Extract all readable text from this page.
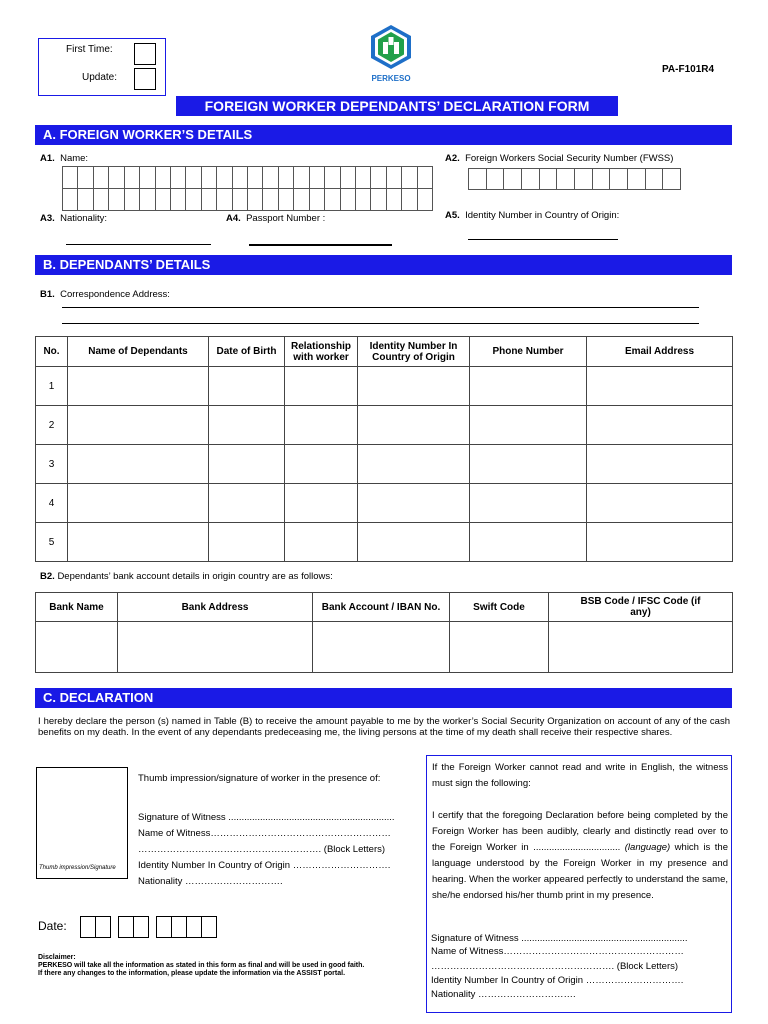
First Time:
Update:	PERKESO
PA-F101R4
FOREIGN WORKER DEPENDANTS’ DECLARATION FORM
A. FOREIGN WORKER’S DETAILS
A1. Name:	A2. Foreign Workers Social Security Number (FWSS)
A3. Nationality:	A4. Passport Number :	A5. Identity Number in Country of Origin:
B. DEPENDANTS’ DETAILS
B1. Correspondence Address:
No.	Name of Dependants	Date of Birth	Relationship with worker	Identity Number In Country of Origin	Phone Number	Email Address
1						
2						
3						
4						
5						
B2. Dependants’ bank account details in origin country are as follows:
Bank Name	Bank Address	Bank Account / IBAN No.	Swift Code	BSB Code / IFSC Code (if any)

C. DECLARATION
I hereby declare the person (s) named in Table (B) to receive the amount payable to me by the worker’s Social Security Organization on account of any of the cash benefits on my death. In the event of any dependants predeceasing me, the living persons at the time of my death shall receive their respective shares.
Thumb impression/Signature
Thumb impression/signature of worker in the presence of:
Signature of Witness ...............................................................
Name of Witness…………………………………………………
…………………………………………………. (Block Letters)
Identity Number In Country of Origin ………………………….
Nationality ………………………….
Date:

Disclaimer:
PERKESO will take all the information as stated in this form as final and will be used in good faith.
If there any changes to the information, please update the information via the ASSIST portal.
If the Foreign Worker cannot read and write in English, the witness must sign the following:
I certify that the foregoing Declaration before being completed by the Foreign Worker has been audibly, clearly and distinctly read over to the Foreign Worker in ................................. (language) which is the language understood by the Foreign Worker in my presence and hearing. When the worker appeared perfectly to understand the same, she/he endorsed his/her thumb print in my presence.
Signature of Witness ...............................................................
Name of Witness…………………………………………………
…………………………………………………. (Block Letters)
Identity Number In Country of Origin ………………………….
Nationality ………………………….
